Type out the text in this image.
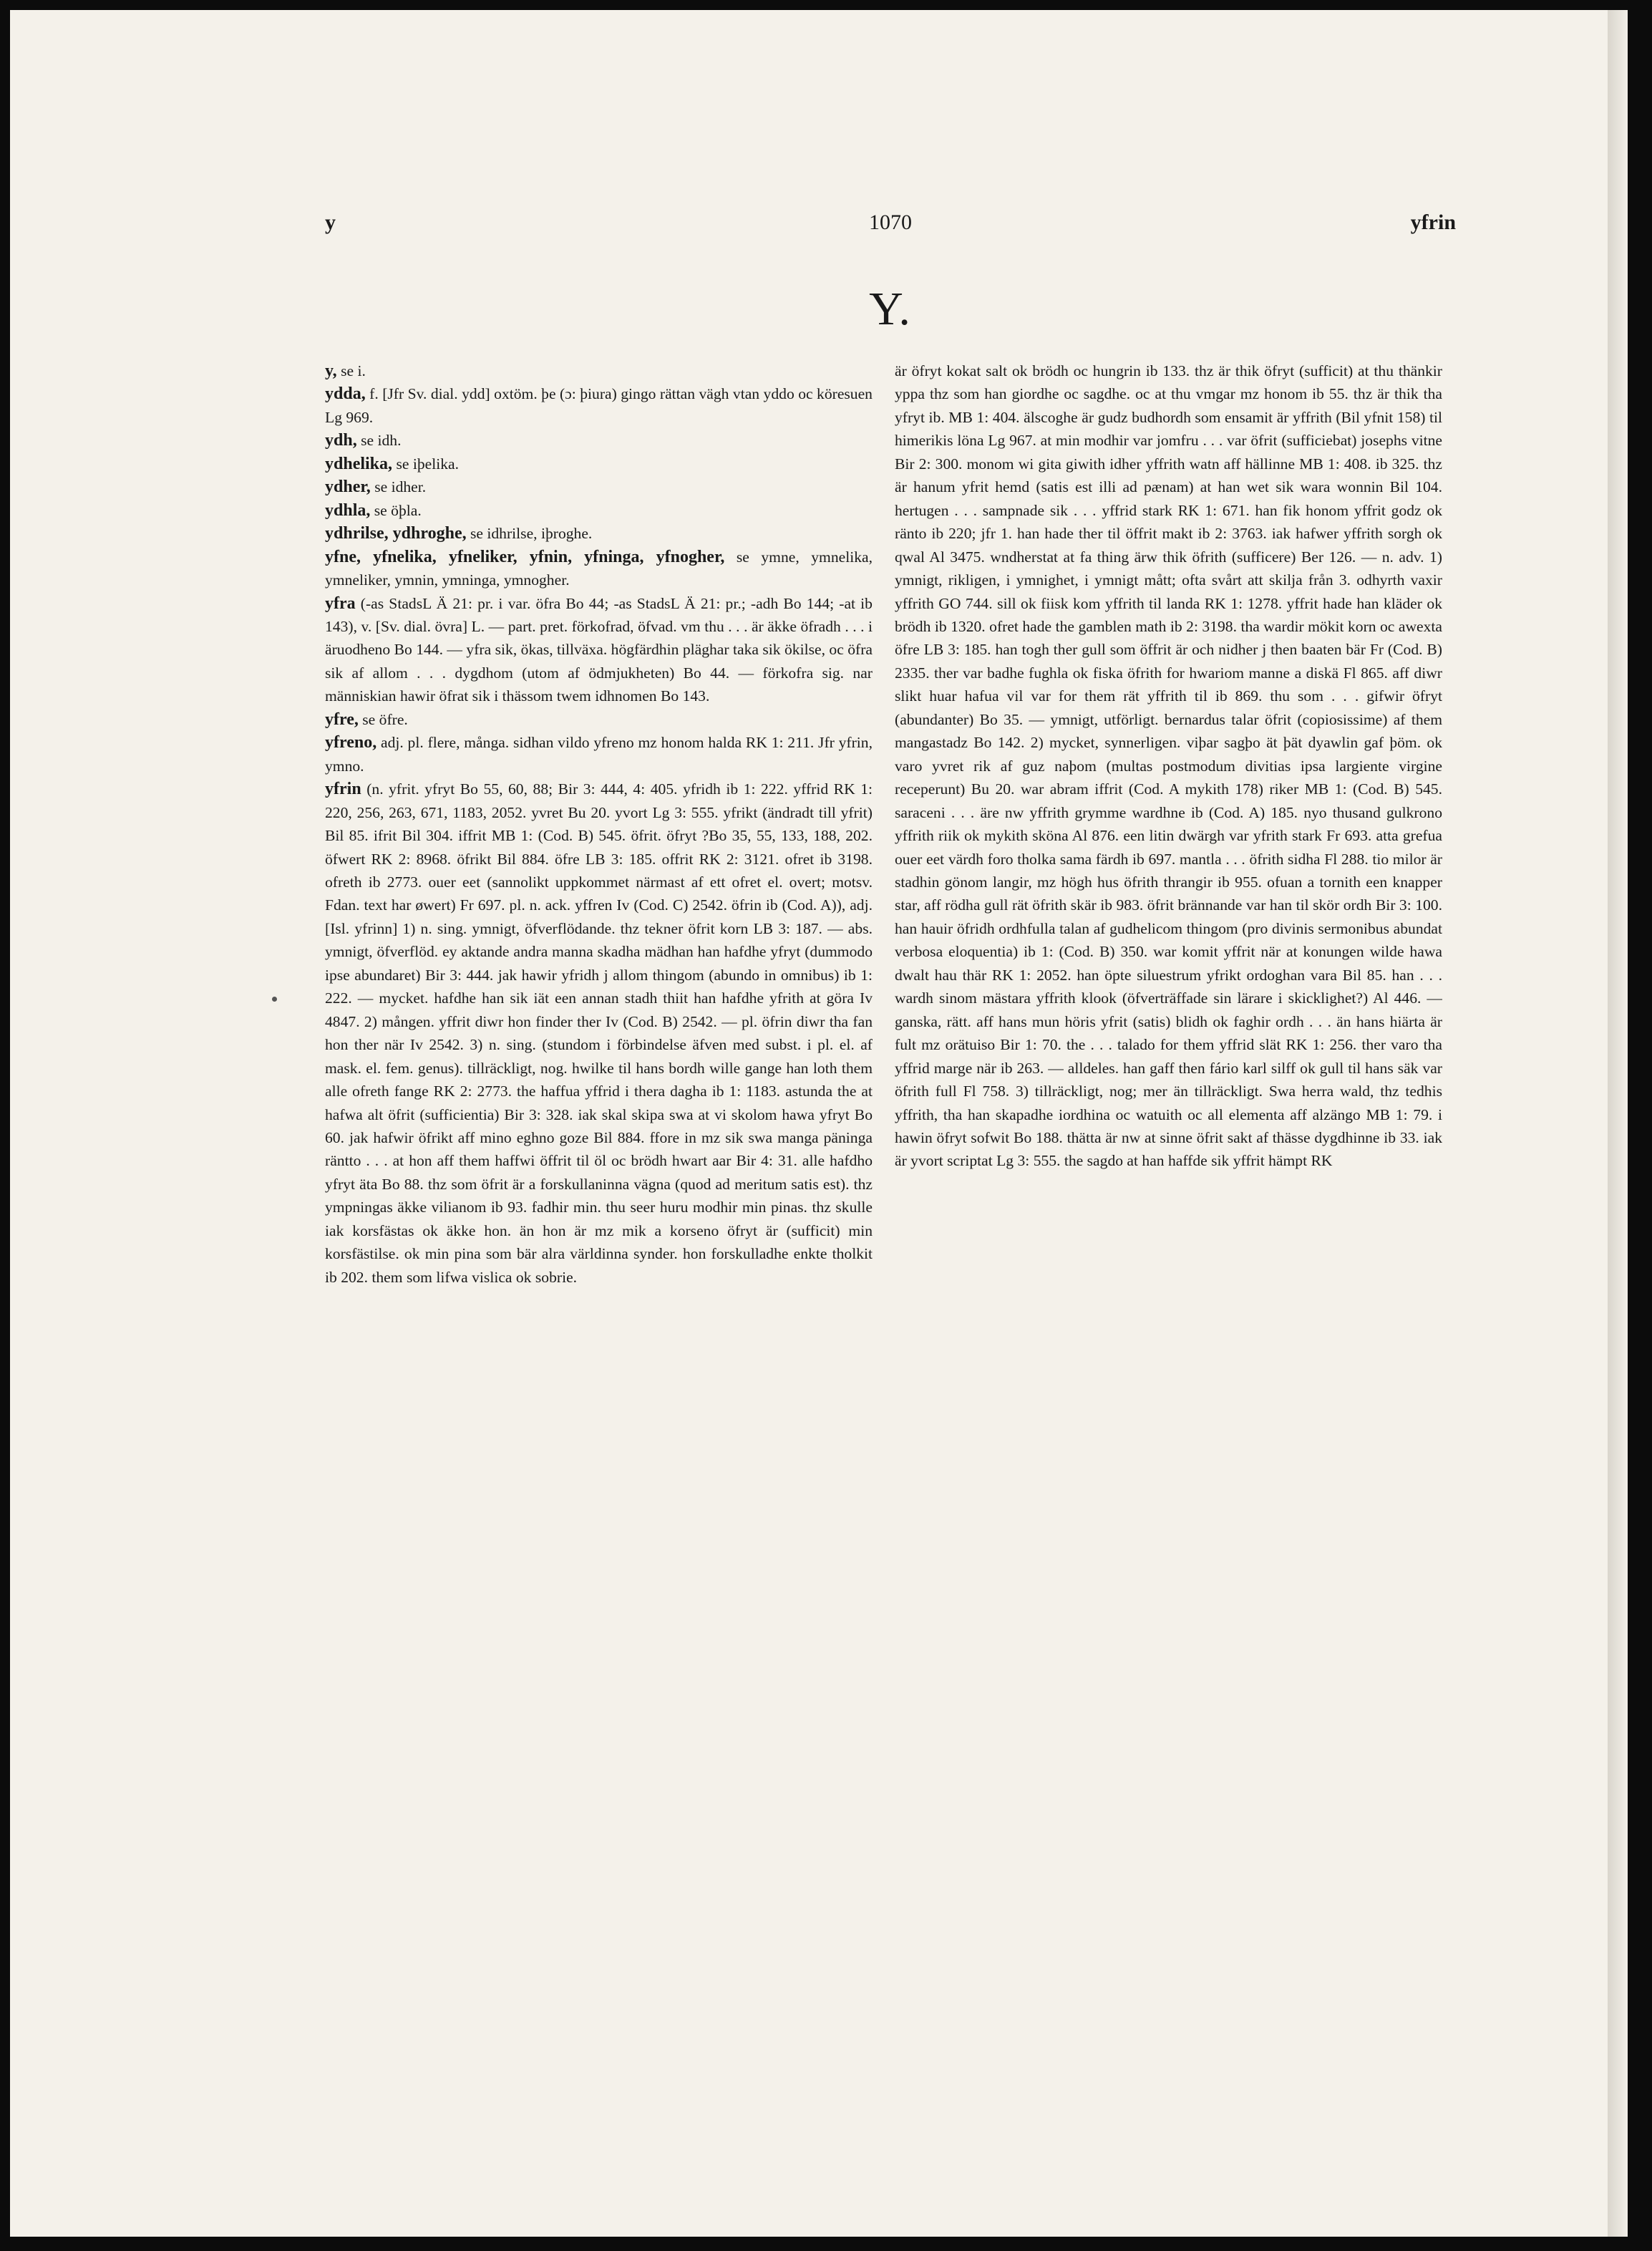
y	1070	yfrin
Y.

y, se i.

ydda, f. [Jfr Sv. dial. ydd] oxtöm. þe (ɔ: þiura) gingo rättan vägh vtan yddo oc köresuen Lg 969.

ydh, se idh.

ydhelika, se iþelika.

ydher, se idher.

ydhla, se öþla.

ydhrilse, ydhroghe, se idhrilse, iþroghe.

yfne, yfnelika, yfneliker, yfnin, yfninga, yfnogher, se ymne, ymnelika, ymneliker, ymnin, ymninga, ymnogher.

yfra (-as StadsL Ä 21: pr. i var. öfra Bo 44; -as StadsL Ä 21: pr.; -adh Bo 144; -at ib 143), v. [Sv. dial. övra] L. — part. pret. förkofrad, öfvad. vm thu . . . är äkke öfradh . . . i äruodheno Bo 144. — yfra sik, ökas, tillväxa. högfärdhin pläghar taka sik ökilse, oc öfra sik af allom . . . dygdhom (utom af ödmjukheten) Bo 44. — förkofra sig. nar människian hawir öfrat sik i thässom twem idhnomen Bo 143.

yfre, se öfre.

yfreno, adj. pl. flere, många. sidhan vildo yfreno mz honom halda RK 1: 211. Jfr yfrin, ymno.

yfrin (n. yfrit. yfryt Bo 55, 60, 88; Bir 3: 444, 4: 405. yfridh ib 1: 222. yffrid RK 1: 220, 256, 263, 671, 1183, 2052. yvret Bu 20. yvort Lg 3: 555. yfrikt (ändradt till yfrit) Bil 85. ifrit Bil 304. iffrit MB 1: (Cod. B) 545. öfrit. öfryt ?Bo 35, 55, 133, 188, 202. öfwert RK 2: 8968. öfrikt Bil 884. öfre LB 3: 185. offrit RK 2: 3121. ofret ib 3198. ofreth ib 2773. ouer eet (sannolikt uppkommet närmast af ett ofret el. overt; motsv. Fdan. text har øwert) Fr 697. pl. n. ack. yffren Iv (Cod. C) 2542. öfrin ib (Cod. A)), adj. [Isl. yfrinn] 1) n. sing. ymnigt, öfverflödande. thz tekner öfrit korn LB 3: 187. — abs. ymnigt, öfverflöd. ey aktande andra manna skadha mädhan han hafdhe yfryt (dummodo ipse abundaret) Bir 3: 444. jak hawir yfridh j allom thingom (abundo in omnibus) ib 1: 222. — mycket. hafdhe han sik iät een annan stadh thiit han hafdhe yfrith at göra Iv 4847. 2) mången. yffrit diwr hon finder ther Iv (Cod. B) 2542. — pl. öfrin diwr tha fan hon ther när Iv 2542. 3) n. sing. (stundom i förbindelse äfven med subst. i pl. el. af mask. el. fem. genus). tillräckligt, nog. hwilke til hans bordh wille gange han loth them alle ofreth fange RK 2: 2773. the haffua yffrid i thera dagha ib 1: 1183. astunda the at hafwa alt öfrit (sufficientia) Bir 3: 328. iak skal skipa swa at vi skolom hawa yfryt Bo 60. jak hafwir öfrikt aff mino eghno goze Bil 884. ffore in mz sik swa manga päninga räntto . . . at hon aff them haffwi öffrit til öl oc brödh hwart aar Bir 4: 31. alle hafdho yfryt äta Bo 88. thz som öfrit är a forskullaninna vägna (quod ad meritum satis est). thz ympningas äkke vilianom ib 93. fadhir min. thu seer huru modhir min pinas. thz skulle iak korsfästas ok äkke hon. än hon är mz mik a korseno öfryt är (sufficit) min korsfästilse. ok min pina som bär alra världinna synder. hon forskulladhe enkte tholkit ib 202. them som lifwa vislica ok sobrie.

är öfryt kokat salt ok brödh oc hungrin ib 133. thz är thik öfryt (sufficit) at thu thänkir yppa thz som han giordhe oc sagdhe. oc at thu vmgar mz honom ib 55. thz är thik tha yfryt ib. MB 1: 404. älscoghe är gudz budhordh som ensamit är yffrith (Bil yfnit 158) til himerikis löna Lg 967. at min modhir var jomfru . . . var öfrit (sufficiebat) josephs vitne Bir 2: 300. monom wi gita giwith idher yffrith watn aff hällinne MB 1: 408. ib 325. thz är hanum yfrit hemd (satis est illi ad pænam) at han wet sik wara wonnin Bil 104. hertugen . . . sampnade sik . . . yffrid stark RK 1: 671. han fik honom yffrit godz ok ränto ib 220; jfr 1. han hade ther til öffrit makt ib 2: 3763. iak hafwer yffrith sorgh ok qwal Al 3475. wndherstat at fa thing ärw thik öfrith (sufficere) Ber 126. — n. adv. 1) ymnigt, rikligen, i ymnighet, i ymnigt mått; ofta svårt att skilja från 3. odhyrth vaxir yffrith GO 744. sill ok fiisk kom yffrith til landa RK 1: 1278. yffrit hade han kläder ok brödh ib 1320. ofret hade the gamblen math ib 2: 3198. tha wardir mökit korn oc awexta öfre LB 3: 185. han togh ther gull som öffrit är och nidher j then baaten bär Fr (Cod. B) 2335. ther var badhe fughla ok fiska öfrith for hwariom manne a diskä Fl 865. aff diwr slikt huar hafua vil var for them rät yffrith til ib 869. thu som . . . gifwir öfryt (abundanter) Bo 35. — ymnigt, utförligt. bernardus talar öfrit (copiosissime) af them mangastadz Bo 142. 2) mycket, synnerligen. viþar sagþo ät þät dyawlin gaf þöm. ok varo yvret rik af guz naþom (multas postmodum divitias ipsa largiente virgine receperunt) Bu 20. war abram iffrit (Cod. A mykith 178) riker MB 1: (Cod. B) 545. saraceni . . . äre nw yffrith grymme wardhne ib (Cod. A) 185. nyo thusand gulkrono yffrith riik ok mykith sköna Al 876. een litin dwärgh var yfrith stark Fr 693. atta grefua ouer eet värdh foro tholka sama färdh ib 697. mantla . . . öfrith sidha Fl 288. tio milor är stadhin gönom langir, mz högh hus öfrith thrangir ib 955. ofuan a tornith een knapper star, aff rödha gull rät öfrith skär ib 983. öfrit brännande var han til skör ordh Bir 3: 100. han hauir öfridh ordhfulla talan af gudhelicom thingom (pro divinis sermonibus abundat verbosa eloquentia) ib 1: (Cod. B) 350. war komit yffrit när at konungen wilde hawa dwalt hau thär RK 1: 2052. han öpte siluestrum yfrikt ordoghan vara Bil 85. han . . . wardh sinom mästara yffrith klook (öfverträffade sin lärare i skicklighet?) Al 446. — ganska, rätt. aff hans mun höris yfrit (satis) blidh ok faghir ordh . . . än hans hiärta är fult mz orätuiso Bir 1: 70. the . . . talado for them yffrid slät RK 1: 256. ther varo tha yffrid marge när ib 263. — alldeles. han gaff then fário karl silff ok gull til hans säk var öfrith full Fl 758. 3) tillräckligt, nog; mer än tillräckligt. Swa herra wald, thz tedhis yffrith, tha han skapadhe iordhina oc watuith oc all elementa aff alzängo MB 1: 79. i hawin öfryt sofwit Bo 188. thätta är nw at sinne öfrit sakt af thässe dygdhinne ib 33. iak är yvort scriptat Lg 3: 555. the sagdo at han haffde sik yffrit hämpt RK
